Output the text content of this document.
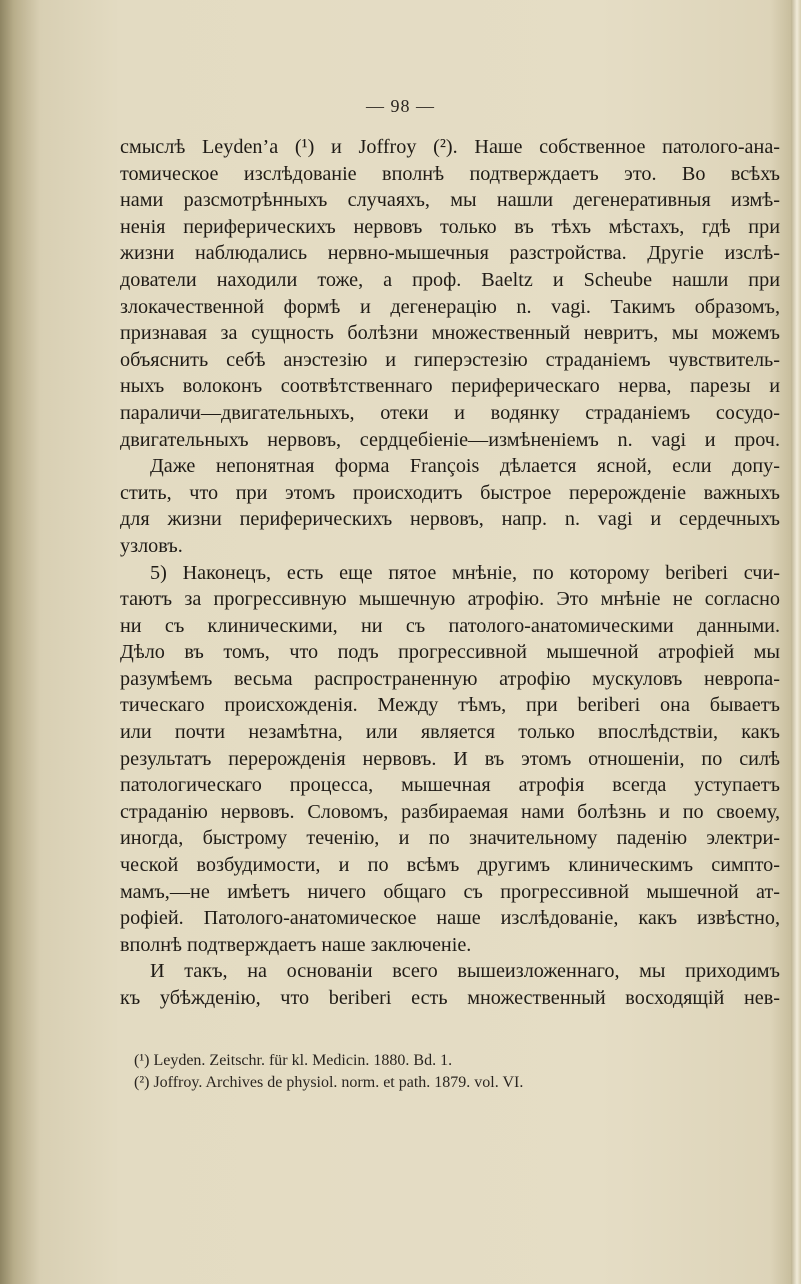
— 98 —
смыслѣ Leyden’a (¹) и Joffroy (²). Наше собственное патолого-ана-
томическое изслѣдованіе вполнѣ подтверждаетъ это. Во всѣхъ
нами разсмотрѣнныхъ случаяхъ, мы нашли дегенеративныя измѣ-
ненія периферическихъ нервовъ только въ тѣхъ мѣстахъ, гдѣ при
жизни наблюдались нервно-мышечныя разстройства. Другіе изслѣ-
дователи находили тоже, а проф. Baeltz и Scheube нашли при
злокачественной формѣ и дегенерацію n. vagi. Такимъ образомъ,
признавая за сущность болѣзни множественный невритъ, мы можемъ
объяснить себѣ анэстезію и гиперэстезію страданіемъ чувствитель-
ныхъ волоконъ соотвѣтственнаго периферическаго нерва, парезы и
параличи—двигательныхъ, отеки и водянку страданіемъ сосудо-
двигательныхъ нервовъ, сердцебіеніе—измѣненіемъ n. vagi и проч.
Даже непонятная форма François дѣлается ясной, если допу-
стить, что при этомъ происходитъ быстрое перерожденіе важныхъ
для жизни периферическихъ нервовъ, напр. n. vagi и сердечныхъ
узловъ.
5) Наконецъ, есть еще пятое мнѣніе, по которому beriberi счи-
таютъ за прогрессивную мышечную атрофію. Это мнѣніе не согласно
ни съ клиническими, ни съ патолого-анатомическими данными.
Дѣло въ томъ, что подъ прогрессивной мышечной атрофіей мы
разумѣемъ весьма распространенную атрофію мускуловъ невропа-
тическаго происхожденія. Между тѣмъ, при beriberi она бываетъ
или почти незамѣтна, или является только впослѣдствіи, какъ
результатъ перерожденія нервовъ. И въ этомъ отношеніи, по силѣ
патологическаго процесса, мышечная атрофія всегда уступаетъ
страданію нервовъ. Словомъ, разбираемая нами болѣзнь и по своему,
иногда, быстрому теченію, и по значительному паденію электри-
ческой возбудимости, и по всѣмъ другимъ клиническимъ симпто-
мамъ,—не имѣетъ ничего общаго съ прогрессивной мышечной ат-
рофіей. Патолого-анатомическое наше изслѣдованіе, какъ извѣстно,
вполнѣ подтверждаетъ наше заключеніе.
И такъ, на основаніи всего вышеизложеннаго, мы приходимъ
къ убѣжденію, что beriberi есть множественный восходящій нев-
(¹) Leyden. Zeitschr. für kl. Medicin. 1880. Bd. 1.
(²) Joffroy. Archives de physiol. norm. et path. 1879. vol. VI.
